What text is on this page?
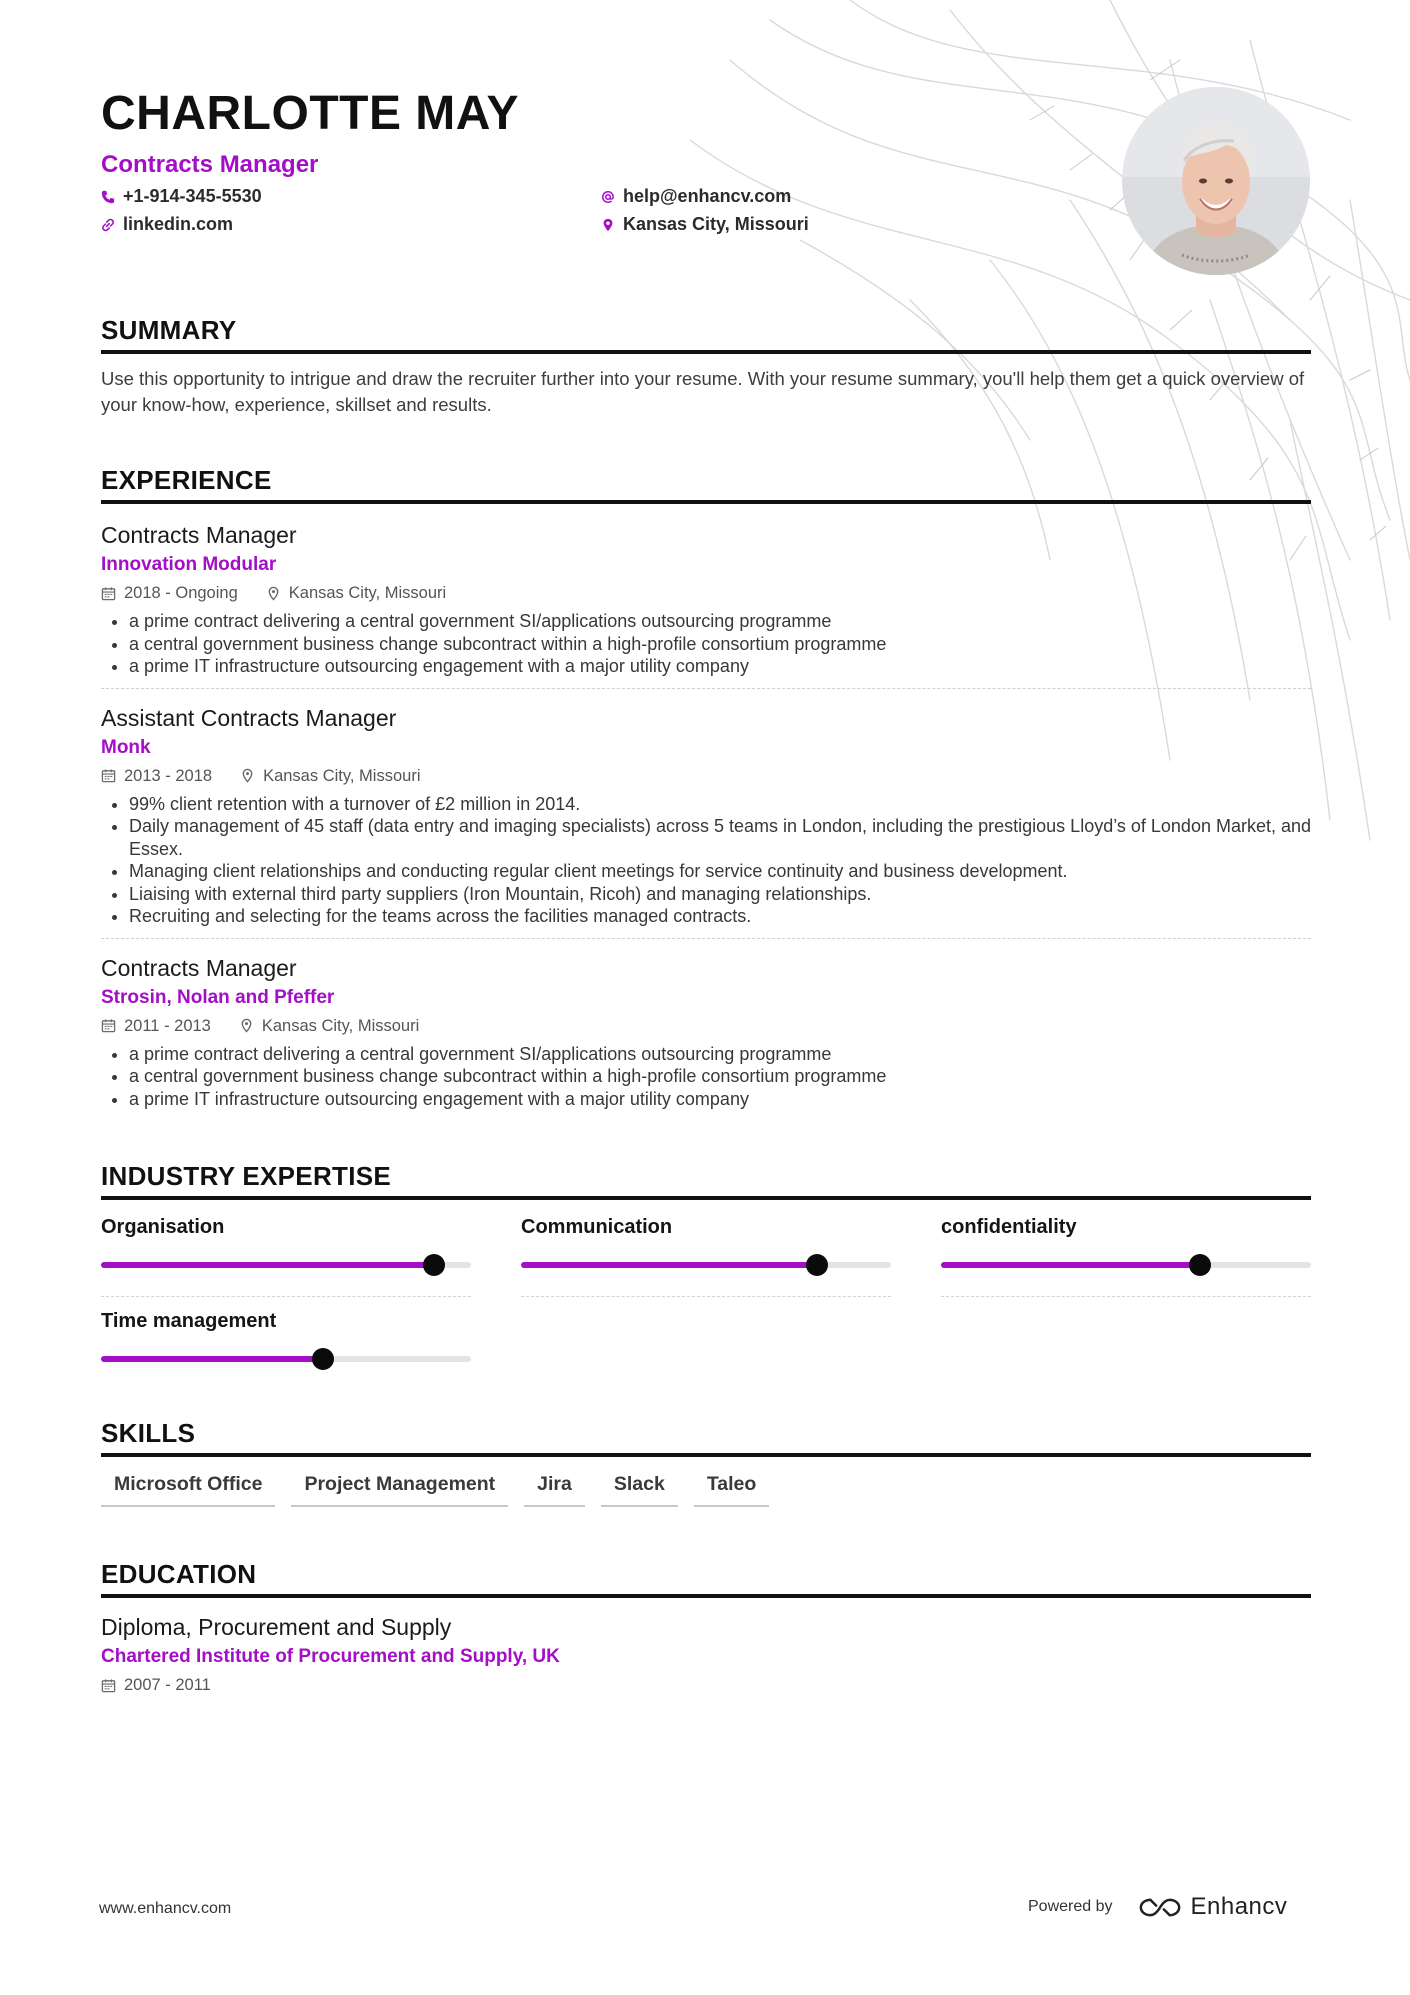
CHARLOTTE MAY
Contracts Manager
+1-914-345-5530
linkedin.com
help@enhancv.com
Kansas City, Missouri
SUMMARY
Use this opportunity to intrigue and draw the recruiter further into your resume. With your resume summary, you'll help them get a quick overview of your know-how, experience, skillset and results.
EXPERIENCE
Contracts Manager
Innovation Modular
2018 - Ongoing	Kansas City, Missouri
• a prime contract delivering a central government SI/applications outsourcing programme
• a central government business change subcontract within a high-profile consortium programme
• a prime IT infrastructure outsourcing engagement with a major utility company
Assistant Contracts Manager
Monk
2013 - 2018	Kansas City, Missouri
• 99% client retention with a turnover of £2 million in 2014.
• Daily management of 45 staff (data entry and imaging specialists) across 5 teams in London, including the prestigious Lloyd’s of London Market, and Essex.
• Managing client relationships and conducting regular client meetings for service continuity and business development.
• Liaising with external third party suppliers (Iron Mountain, Ricoh) and managing relationships.
• Recruiting and selecting for the teams across the facilities managed contracts.
Contracts Manager
Strosin, Nolan and Pfeffer
2011 - 2013	Kansas City, Missouri
• a prime contract delivering a central government SI/applications outsourcing programme
• a central government business change subcontract within a high-profile consortium programme
• a prime IT infrastructure outsourcing engagement with a major utility company
INDUSTRY EXPERTISE
Organisation	Communication	confidentiality
Time management
SKILLS
Microsoft Office	Project Management	Jira	Slack	Taleo
EDUCATION
Diploma, Procurement and Supply
Chartered Institute of Procurement and Supply, UK
2007 - 2011
www.enhancv.com	Powered by	Enhancv
